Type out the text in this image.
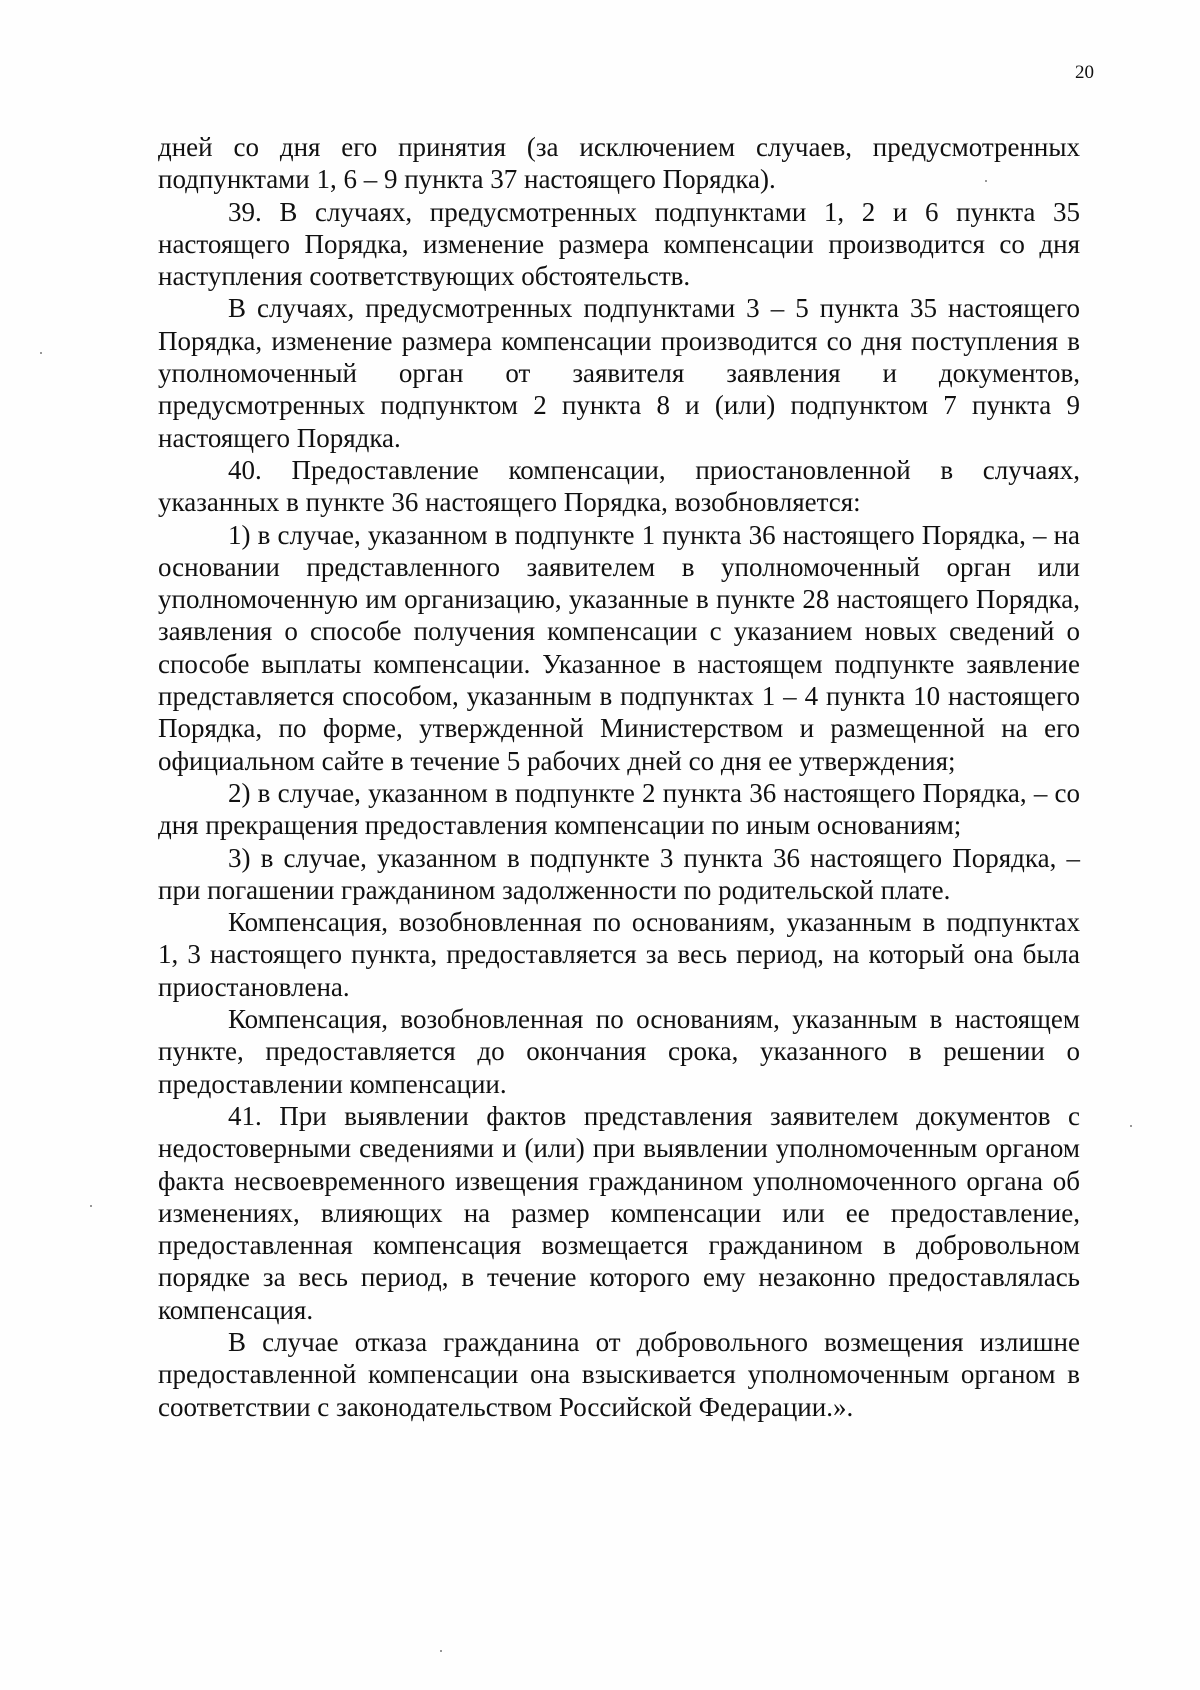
20

дней со дня его принятия (за исключением случаев, предусмотренных подпунктами 1, 6 – 9 пункта 37 настоящего Порядка).

39. В случаях, предусмотренных подпунктами 1, 2 и 6 пункта 35 настоящего Порядка, изменение размера компенсации производится со дня наступления соответствующих обстоятельств.

В случаях, предусмотренных подпунктами 3 – 5 пункта 35 настоящего Порядка, изменение размера компенсации производится со дня поступления в уполномоченный орган от заявителя заявления и документов, предусмотренных подпунктом 2 пункта 8 и (или) подпунктом 7 пункта 9 настоящего Порядка.

40. Предоставление компенсации, приостановленной в случаях, указанных в пункте 36 настоящего Порядка, возобновляется:

1) в случае, указанном в подпункте 1 пункта 36 настоящего Порядка, – на основании представленного заявителем в уполномоченный орган или уполномоченную им организацию, указанные в пункте 28 настоящего Порядка, заявления о способе получения компенсации с указанием новых сведений о способе выплаты компенсации. Указанное в настоящем подпункте заявление представляется способом, указанным в подпунктах 1 – 4 пункта 10 настоящего Порядка, по форме, утвержденной Министерством и размещенной на его официальном сайте в течение 5 рабочих дней со дня ее утверждения;

2) в случае, указанном в подпункте 2 пункта 36 настоящего Порядка, – со дня прекращения предоставления компенсации по иным основаниям;

3) в случае, указанном в подпункте 3 пункта 36 настоящего Порядка, – при погашении гражданином задолженности по родительской плате.

Компенсация, возобновленная по основаниям, указанным в подпунктах 1, 3 настоящего пункта, предоставляется за весь период, на который она была приостановлена.

Компенсация, возобновленная по основаниям, указанным в настоящем пункте, предоставляется до окончания срока, указанного в решении о предоставлении компенсации.

41. При выявлении фактов представления заявителем документов с недостоверными сведениями и (или) при выявлении уполномоченным органом факта несвоевременного извещения гражданином уполномоченного органа об изменениях, влияющих на размер компенсации или ее предоставление, предоставленная компенсация возмещается гражданином в добровольном порядке за весь период, в течение которого ему незаконно предоставлялась компенсация.

В случае отказа гражданина от добровольного возмещения излишне предоставленной компенсации она взыскивается уполномоченным органом в соответствии с законодательством Российской Федерации.».
